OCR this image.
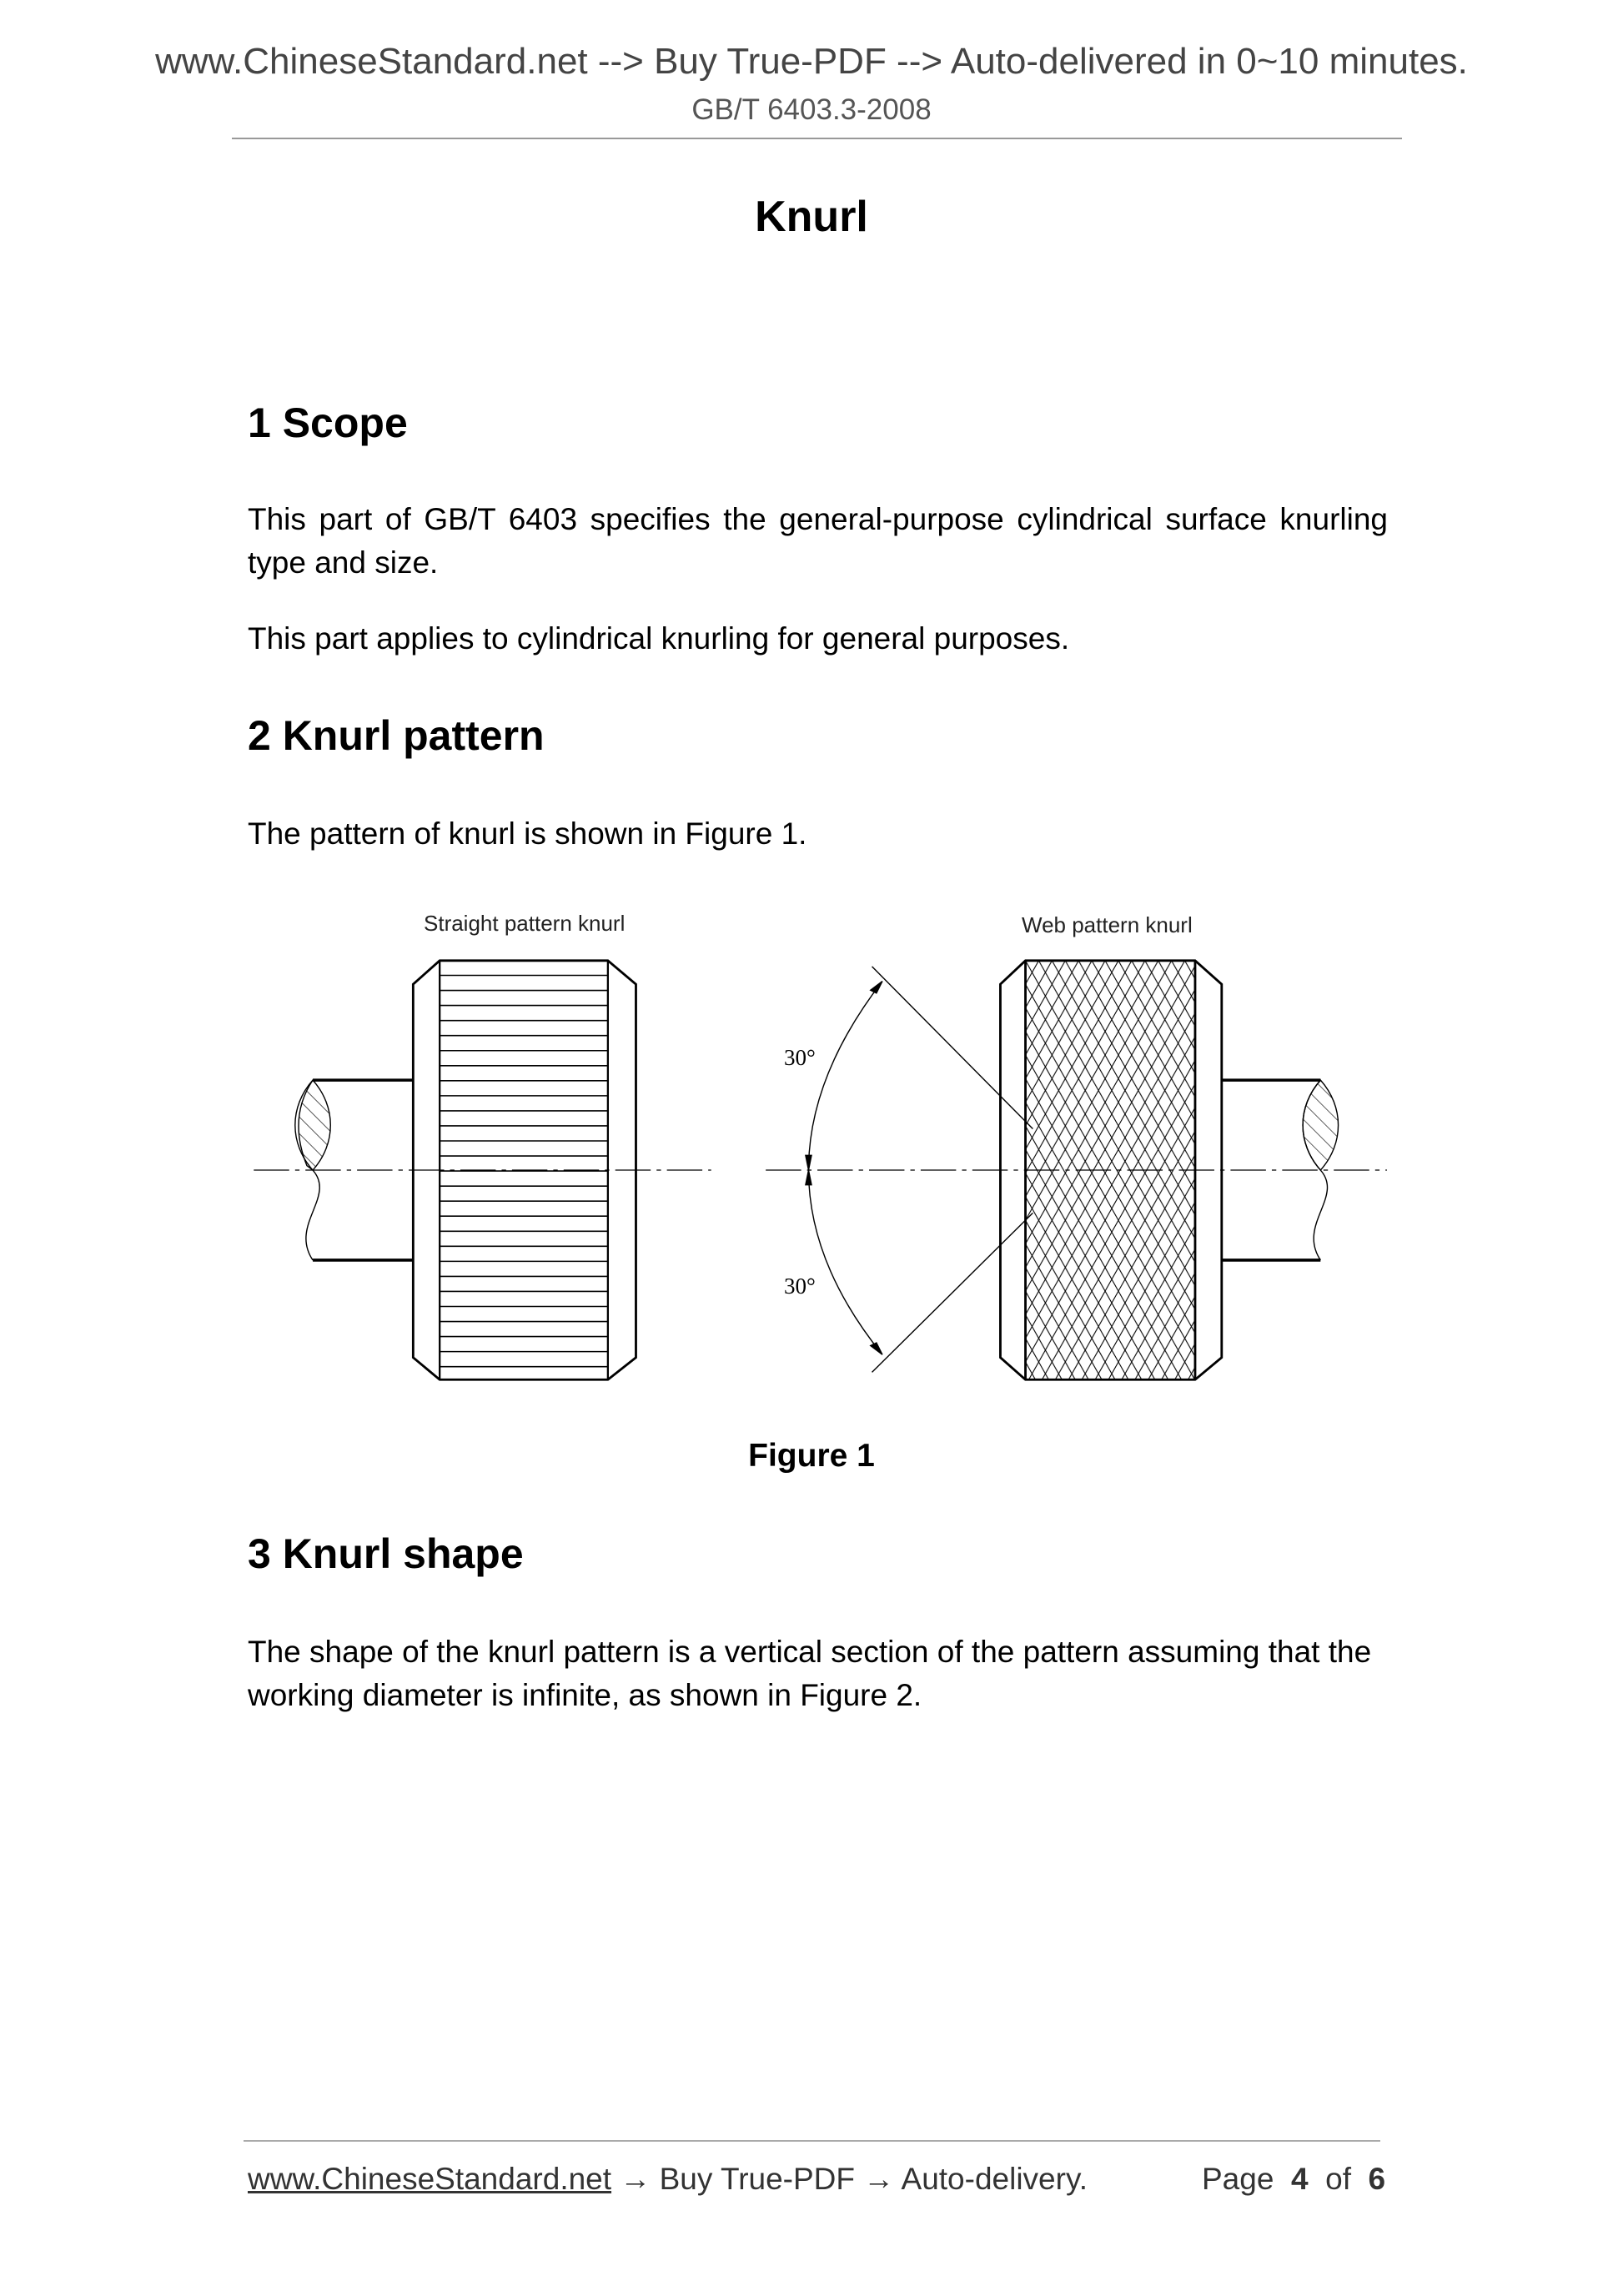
www.ChineseStandard.net --> Buy True-PDF --> Auto-delivered in 0~10 minutes.
GB/T 6403.3-2008
Knurl
1 Scope
This part of GB/T 6403 specifies the general-purpose cylindrical surface knurling type and size.
This part applies to cylindrical knurling for general purposes.
2 Knurl pattern
The pattern of knurl is shown in Figure 1.
Straight pattern knurl	Web pattern knurl
30°
30°
Figure 1
3 Knurl shape
The shape of the knurl pattern is a vertical section of the pattern assuming that the working diameter is infinite, as shown in Figure 2.
www.ChineseStandard.net → Buy True-PDF → Auto-delivery.	Page 4 of 6
